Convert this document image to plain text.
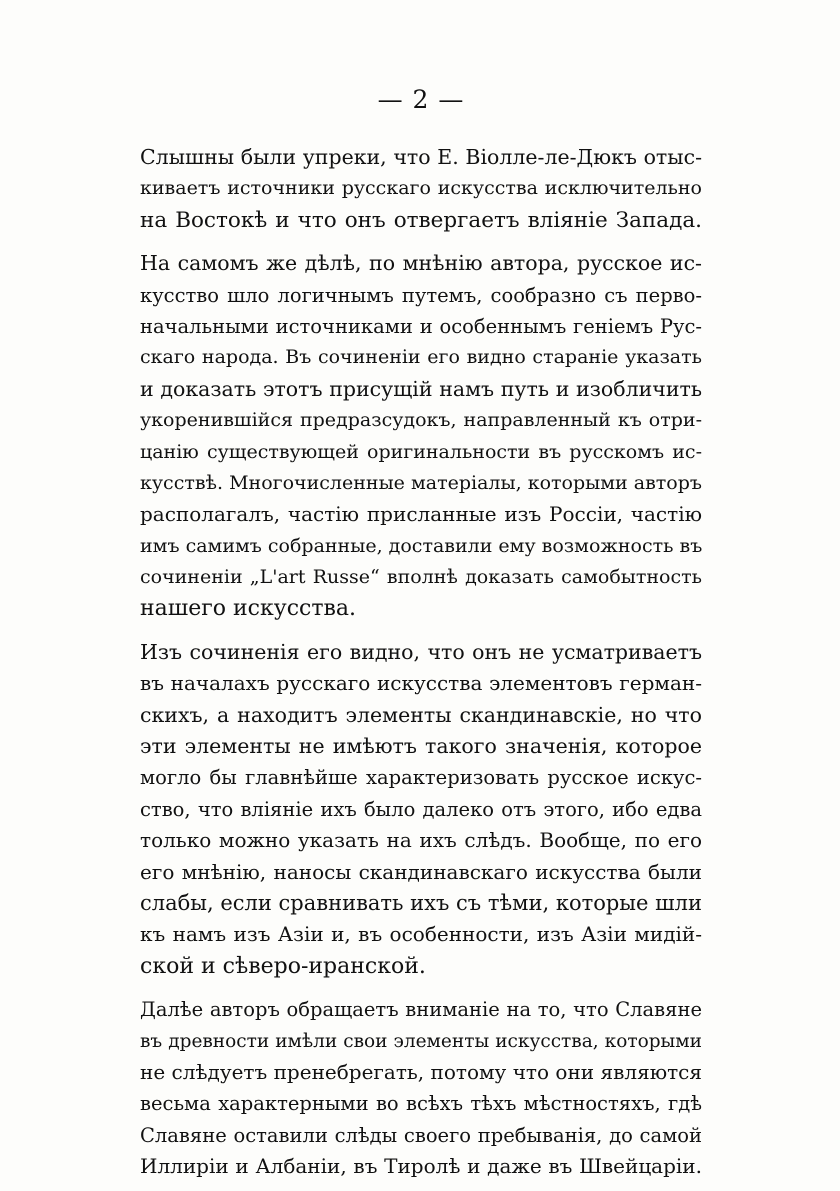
— 2 —
Слышны были упреки, что Е. Віолле-ле-Дюкъ отыс-
киваетъ источники русскаго искусства исключительно
на Востокѣ и что онъ отвергаетъ вліяніе Запада.
На самомъ же дѣлѣ, по мнѣнію автора, русское ис-
кусство шло логичнымъ путемъ, сообразно съ перво-
начальными источниками и особеннымъ геніемъ Рус-
скаго народа. Въ сочиненіи его видно стараніе указать
и доказать этотъ присущій намъ путь и изобличить
укоренившійся предразсудокъ, направленный къ отри-
цанію существующей оригинальности въ русскомъ ис-
кусствѣ. Многочисленные матеріалы, которыми авторъ
располагалъ, частію присланные изъ Россіи, частію
имъ самимъ собранные, доставили ему возможность въ
сочиненіи „L'art Russe“ вполнѣ доказать самобытность
нашего искусства.
Изъ сочиненія его видно, что онъ не усматриваетъ
въ началахъ русскаго искусства элементовъ герман-
скихъ, а находитъ элементы скандинавскіе, но что
эти элементы не имѣютъ такого значенія, которое
могло бы главнѣйше характеризовать русское искус-
ство, что вліяніе ихъ было далеко отъ этого, ибо едва
только можно указать на ихъ слѣдъ. Вообще, по его
его мнѣнію, наносы скандинавскаго искусства были
слабы, если сравнивать ихъ съ тѣми, которые шли
къ намъ изъ Азіи и, въ особенности, изъ Азіи мидій-
ской и сѣверо-иранской.
Далѣе авторъ обращаетъ вниманіе на то, что Славяне
въ древности имѣли свои элементы искусства, которыми
не слѣдуетъ пренебрегать, потому что они являются
весьма характерными во всѣхъ тѣхъ мѣстностяхъ, гдѣ
Славяне оставили слѣды своего пребыванія, до самой
Иллиріи и Албаніи, въ Тиролѣ и даже въ Швейцаріи.
